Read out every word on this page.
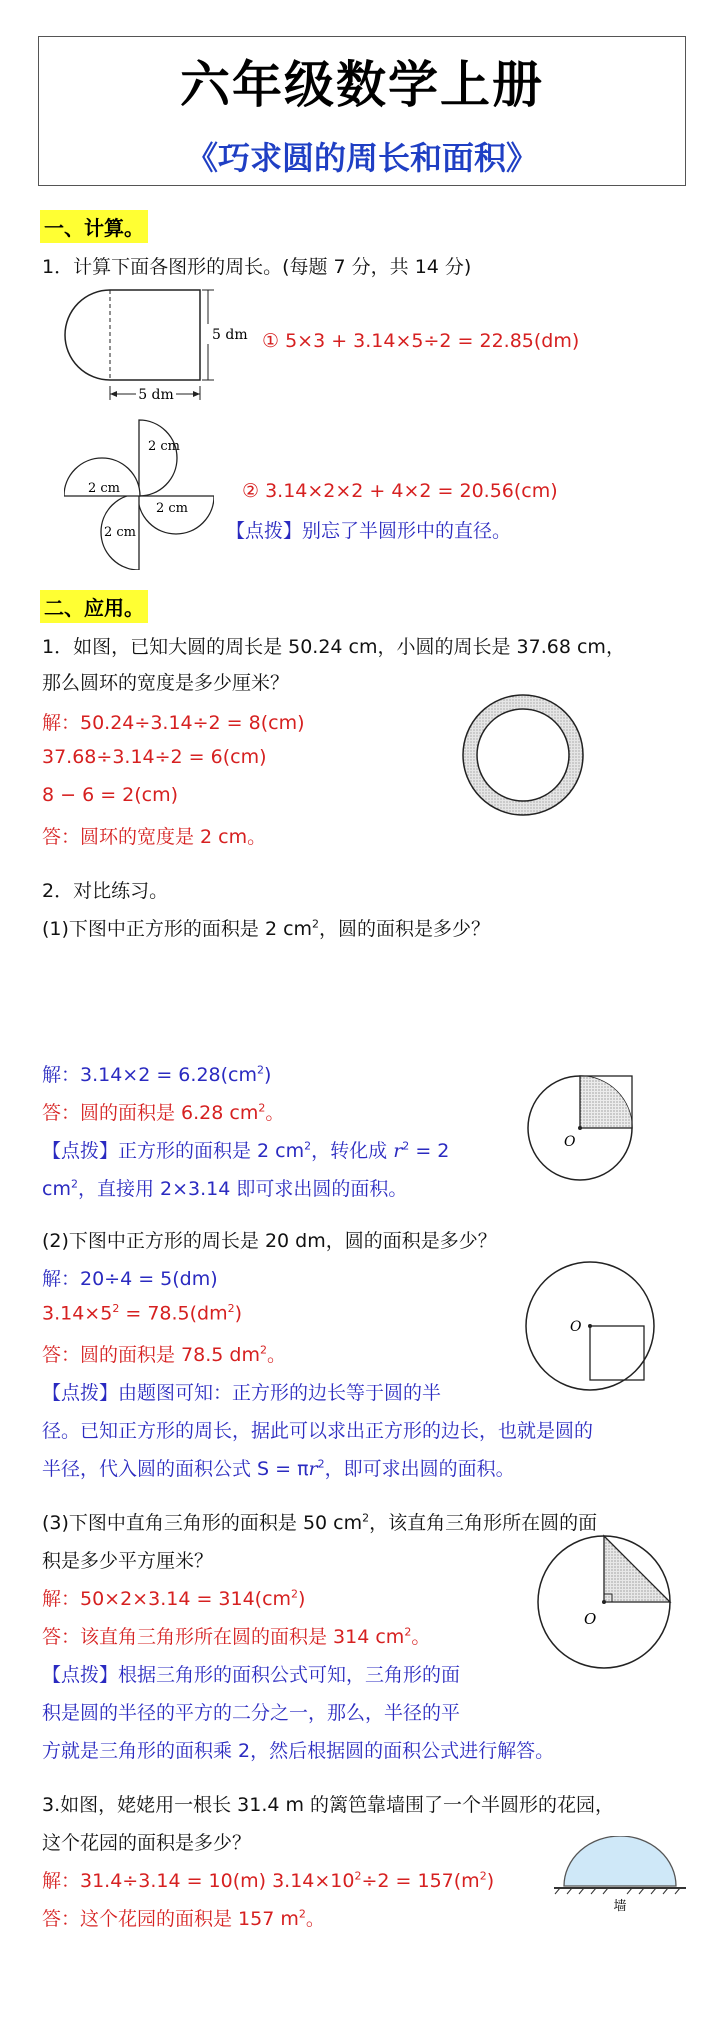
六年级数学上册
《巧求圆的周长和面积》
一、计算。
1．计算下面各图形的周长。(每题 7 分，共 14 分)
5 dm
5 dm ① 5×3 + 3.14×5÷2 = 22.85(dm)
2 cm
2 cm
2 cm
2 cm
② 3.14×2×2 + 4×2 = 20.56(cm)
【点拨】别忘了半圆形中的直径。
二、应用。
1．如图，已知大圆的周长是 50.24 cm，小圆的周长是 37.68 cm，
那么圆环的宽度是多少厘米？
解：50.24÷3.14÷2 = 8(cm)
37.68÷3.14÷2 = 6(cm)
8 − 6 = 2(cm)
答：圆环的宽度是 2 cm。
2．对比练习。
(1)下图中正方形的面积是 2 $cm^2$，圆的面积是多少？
解：$3.14\times 2 = 6.28(cm^2)$
答：圆的面积是 6.28 $cm^2$。
【点拨】正方形的面积是 2 $cm^2$，转化成 $r^2 = 2$
$cm^2$，直接用 2×3.14 即可求出圆的面积。
O
(2)下图中正方形的周长是 20 dm，圆的面积是多少？
解：20÷4 = 5(dm)
$3.14\times 5^2 = 78.5(dm^2)$
答：圆的面积是 78.5 $dm^2$。
【点拨】由题图可知：正方形的边长等于圆的半
径。已知正方形的周长，据此可以求出正方形的边长，也就是圆的
半径，代入圆的面积公式 $S = \pi r^2$，即可求出圆的面积。
O
(3)下图中直角三角形的面积是 50 $cm^2$，该直角三角形所在圆的面
积是多少平方厘米？
解：$50\times 2\times 3.14 = 314(cm^2)$
答：该直角三角形所在圆的面积是 314 $cm^2$。
【点拨】根据三角形的面积公式可知，三角形的面
积是圆的半径的平方的二分之一，那么，半径的平
方就是三角形的面积乘 2，然后根据圆的面积公式进行解答。
O
3.如图，姥姥用一根长 31.4 m 的篱笆靠墙围了一个半圆形的花园，
这个花园的面积是多少？
解：31.4÷3.14 = 10(m) $3.14\times 10^2\div 2 = 157(m^2)$
答：这个花园的面积是 157 $m^2$。
墙
